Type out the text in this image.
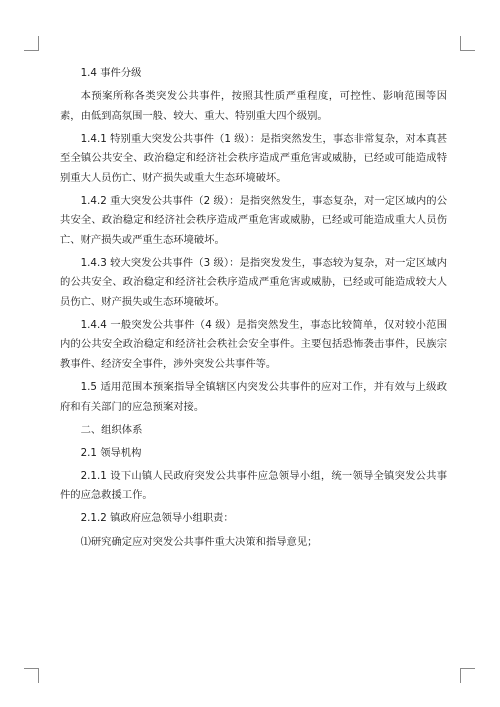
1.4 事件分级

本预案所称各类突发公共事件，按照其性质严重程度，可控性、影响范围等因素，由低到高氛围一般、较大、重大、特别重大四个级别。

1.4.1 特别重大突发公共事件（1 级）：是指突然发生，事态非常复杂，对本真甚至全镇公共安全、政治稳定和经济社会秩序造成严重危害或威胁，已经或可能造成特别重大人员伤亡、财产损失或重大生态环境破坏。

1.4.2 重大突发公共事件（2 级）：是指突然发生，事态复杂，对一定区域内的公共安全、政治稳定和经济社会秩序造成严重危害或威胁，已经或可能造成重大人员伤亡、财产损失或严重生态环境破坏。

1.4.3 较大突发公共事件（3 级）：是指突发发生，事态较为复杂，对一定区域内的公共安全、政治稳定和经济社会秩序造成严重危害或威胁，已经或可能造成较大人员伤亡、财产损失或生态环境破坏。

1.4.4 一般突发公共事件（4 级）是指突然发生，事态比较简单，仅对较小范围内的公共安全政治稳定和经济社会秩社会安全事件。主要包括恐怖袭击事件，民族宗教事件、经济安全事件，涉外突发公共事件等。

1.5 适用范围本预案指导全镇辖区内突发公共事件的应对工作，并有效与上级政府和有关部门的应急预案对接。

二、组织体系

2.1 领导机构

2.1.1 设下山镇人民政府突发公共事件应急领导小组，统一领导全镇突发公共事件的应急救援工作。

2.1.2 镇政府应急领导小组职责：

⑴研究确定应对突发公共事件重大决策和指导意见；
